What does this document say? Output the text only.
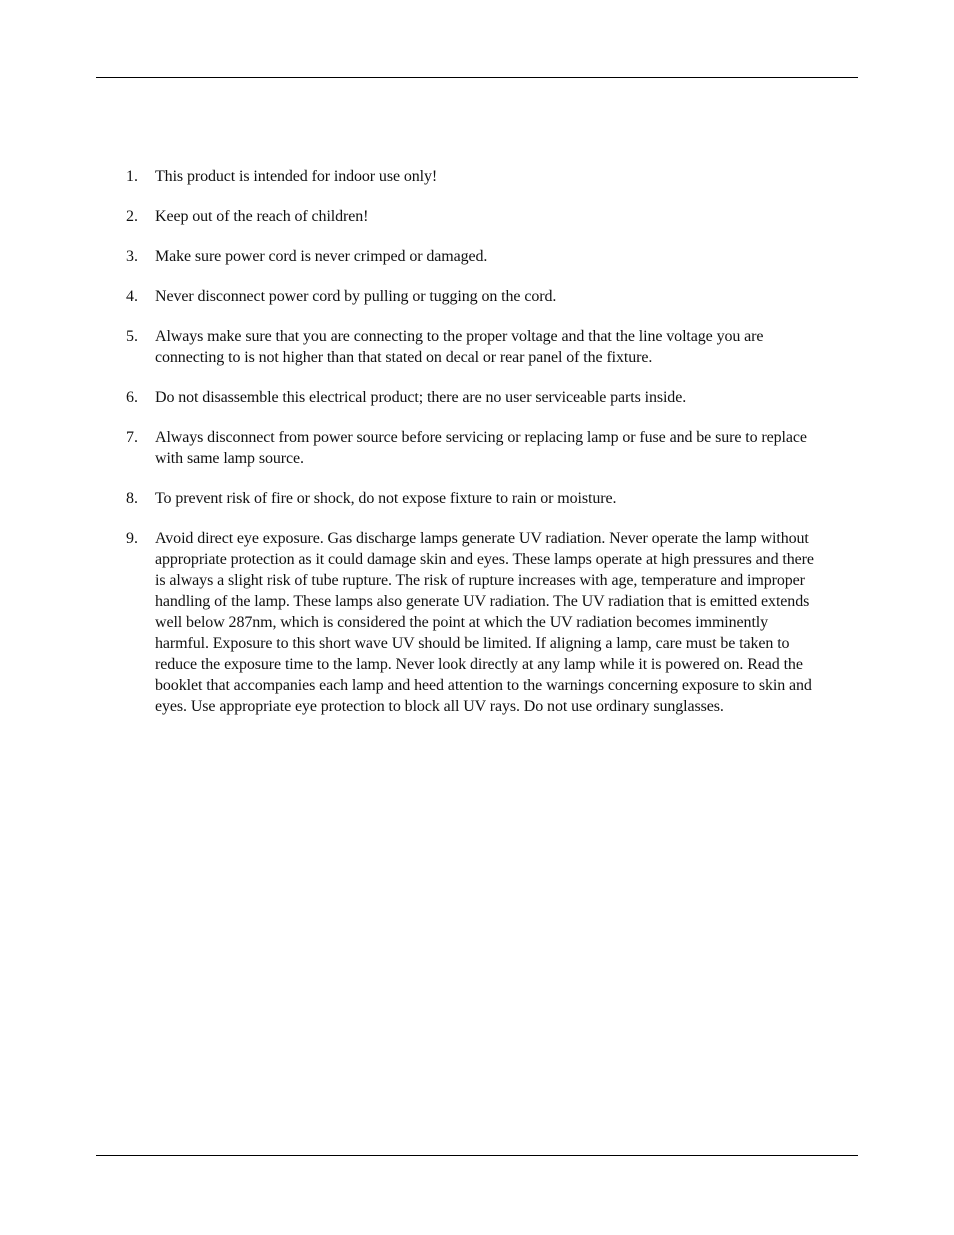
1. This product is intended for indoor use only!
2. Keep out of the reach of children!
3. Make sure power cord is never crimped or damaged.
4. Never disconnect power cord by pulling or tugging on the cord.
5. Always make sure that you are connecting to the proper voltage and that the line voltage you are connecting to is not higher than that stated on decal or rear panel of the fixture.
6. Do not disassemble this electrical product; there are no user serviceable parts inside.
7. Always disconnect from power source before servicing or replacing lamp or fuse and be sure to replace with same lamp source.
8. To prevent risk of fire or shock, do not expose fixture to rain or moisture.
9. Avoid direct eye exposure. Gas discharge lamps generate UV radiation. Never operate the lamp without appropriate protection as it could damage skin and eyes. These lamps operate at high pressures and there is always a slight risk of tube rupture. The risk of rupture increases with age, temperature and improper handling of the lamp. These lamps also generate UV radiation. The UV radiation that is emitted extends well below 287nm, which is considered the point at which the UV radiation becomes imminently harmful. Exposure to this short wave UV should be limited. If aligning a lamp, care must be taken to reduce the exposure time to the lamp. Never look directly at any lamp while it is powered on. Read the booklet that accompanies each lamp and heed attention to the warnings concerning exposure to skin and eyes. Use appropriate eye protection to block all UV rays. Do not use ordinary sunglasses.
